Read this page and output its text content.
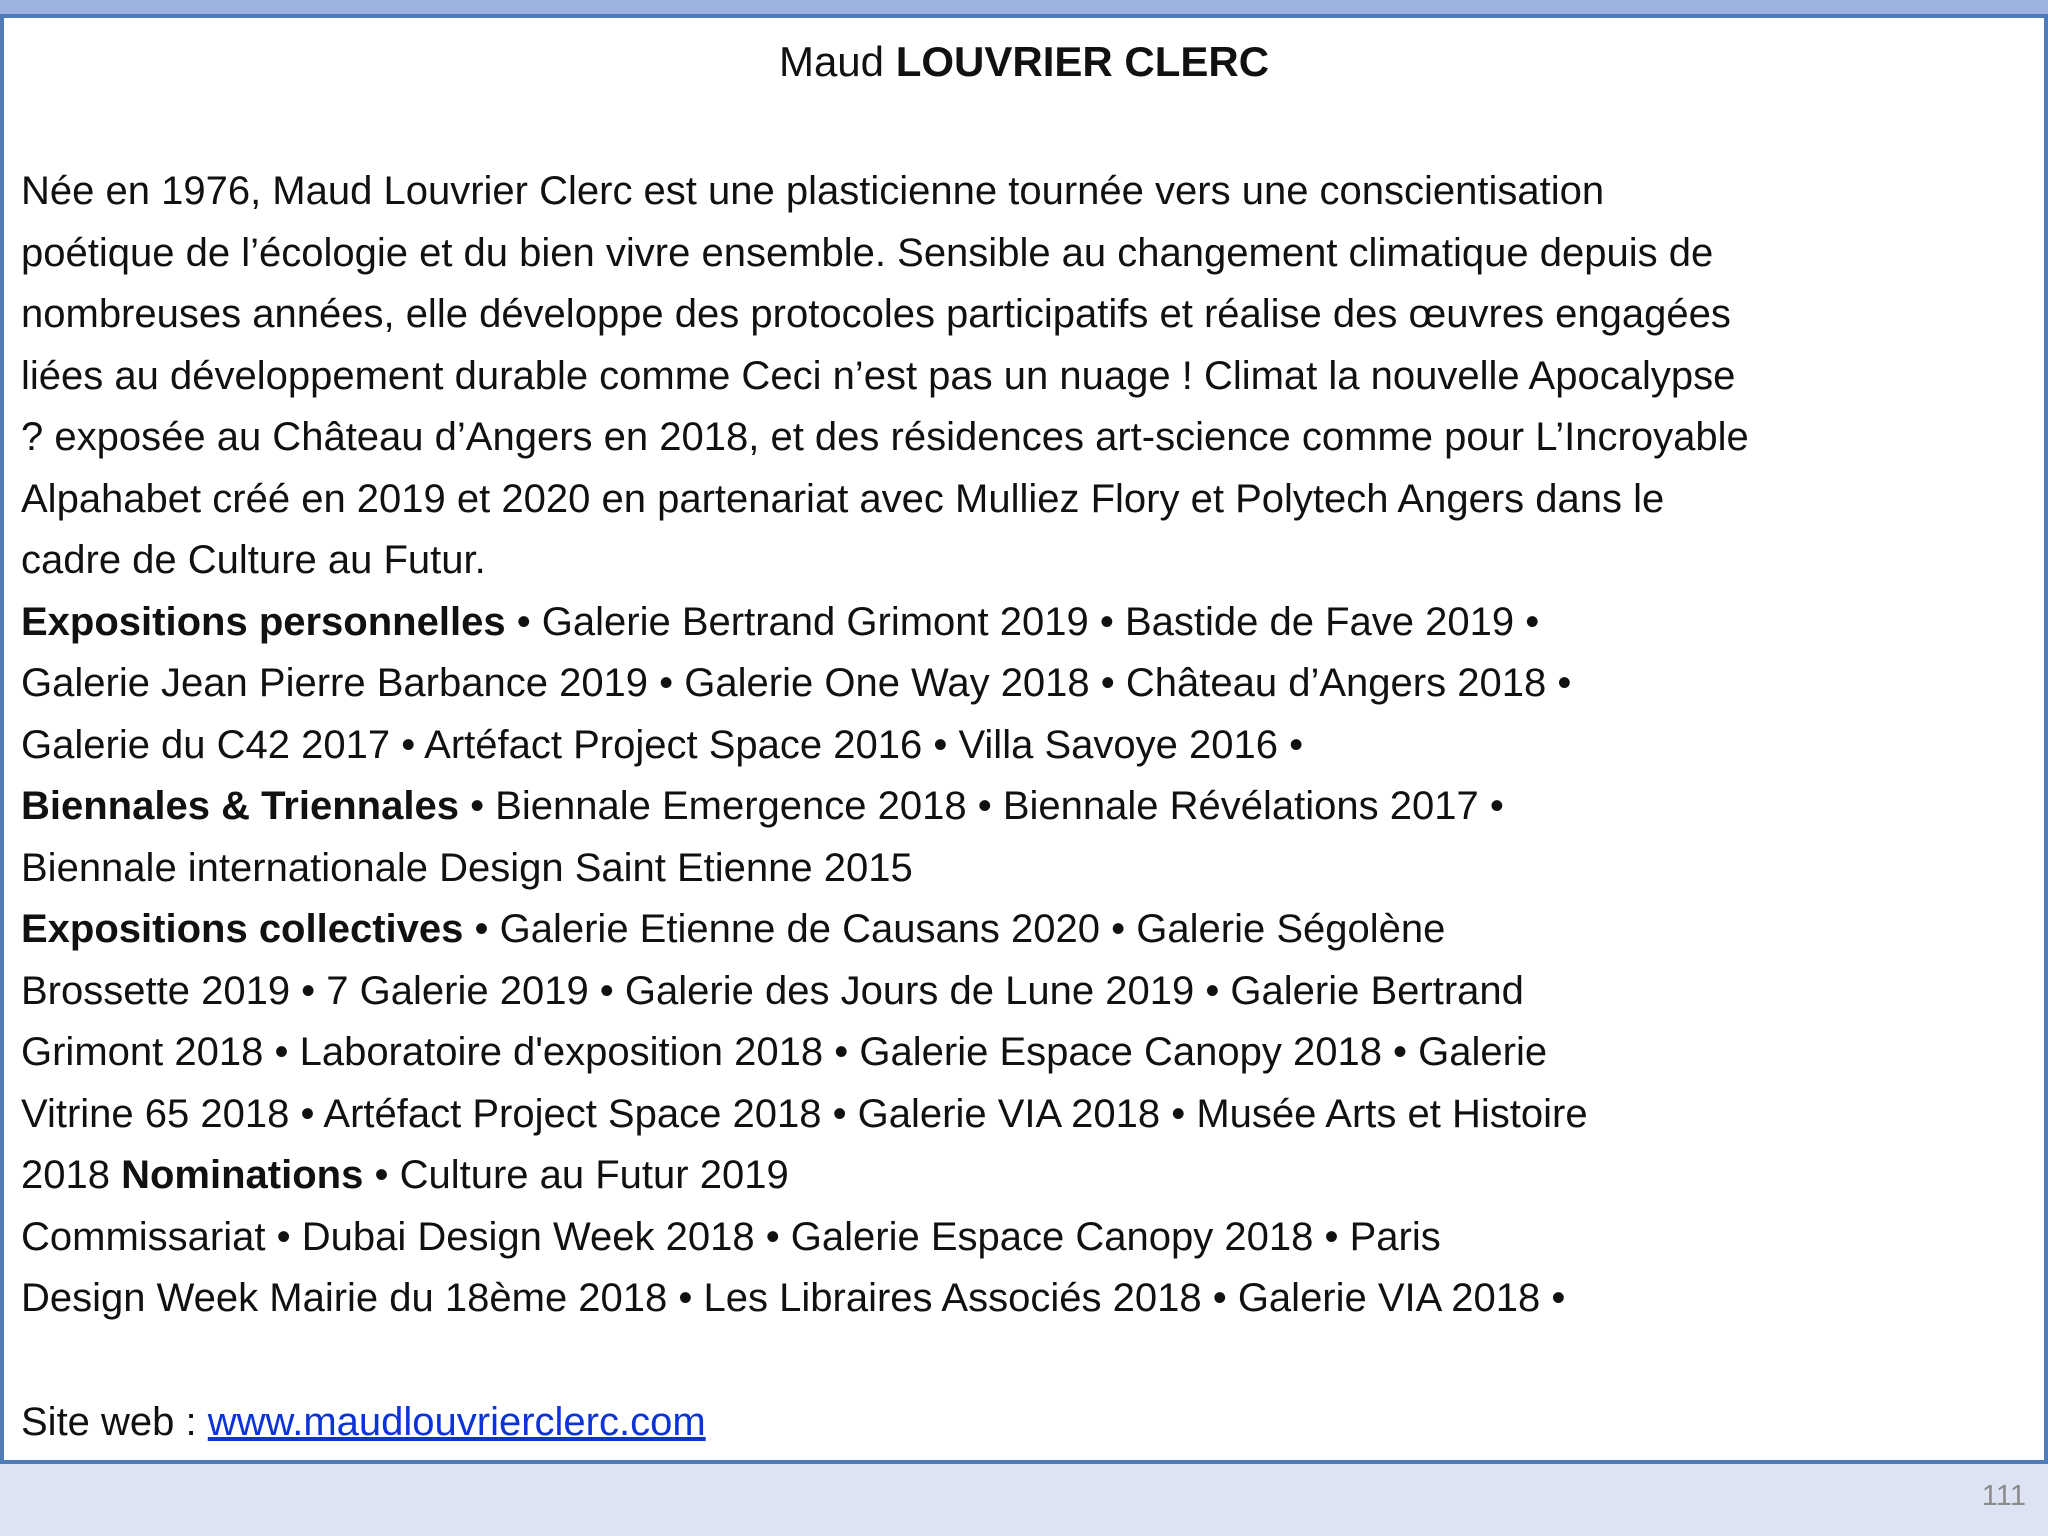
Maud LOUVRIER CLERC
Née en 1976, Maud Louvrier Clerc est une plasticienne tournée vers une conscientisation
poétique de l’écologie et du bien vivre ensemble. Sensible au changement climatique depuis de
nombreuses années, elle développe des protocoles participatifs et réalise des œuvres engagées
liées au développement durable comme Ceci n’est pas un nuage ! Climat la nouvelle Apocalypse
? exposée au Château d’Angers en 2018, et des résidences art-science comme pour L’Incroyable
Alpahabet créé en 2019 et 2020 en partenariat avec Mulliez Flory et Polytech Angers dans le
cadre de Culture au Futur.
Expositions personnelles • Galerie Bertrand Grimont 2019 • Bastide de Fave 2019 •
Galerie Jean Pierre Barbance 2019 • Galerie One Way 2018 • Château d’Angers 2018 •
Galerie du C42 2017 • Artéfact Project Space 2016 • Villa Savoye 2016 •
Biennales & Triennales • Biennale Emergence 2018 • Biennale Révélations 2017 •
Biennale internationale Design Saint Etienne 2015
Expositions collectives • Galerie Etienne de Causans 2020 • Galerie Ségolène
Brossette 2019 • 7 Galerie 2019 • Galerie des Jours de Lune 2019 • Galerie Bertrand
Grimont 2018 • Laboratoire d'exposition 2018 • Galerie Espace Canopy 2018 • Galerie
Vitrine 65 2018 • Artéfact Project Space 2018 • Galerie VIA 2018 • Musée Arts et Histoire
2018 Nominations • Culture au Futur 2019
Commissariat • Dubai Design Week 2018 • Galerie Espace Canopy 2018 • Paris
Design Week Mairie du 18ème 2018 • Les Libraires Associés 2018 • Galerie VIA 2018 •
Site web : www.maudlouvrierclerc.com
111
